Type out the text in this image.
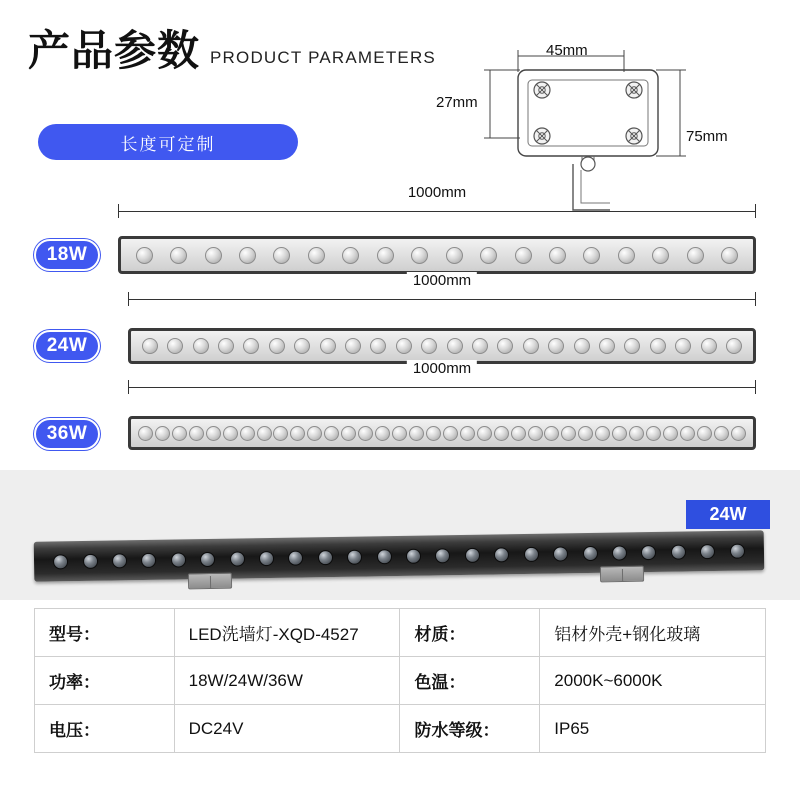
产品参数 PRODUCT PARAMETERS
长度可定制
45mm
27mm
75mm
1000mm
18W
1000mm
24W
1000mm
36W
24W
型号：	LED洗墙灯-XQD-4527	材质：	铝材外壳+钢化玻璃
功率：	18W/24W/36W	色温：	2000K~6000K
电压：	DC24V	防水等级：	IP65
